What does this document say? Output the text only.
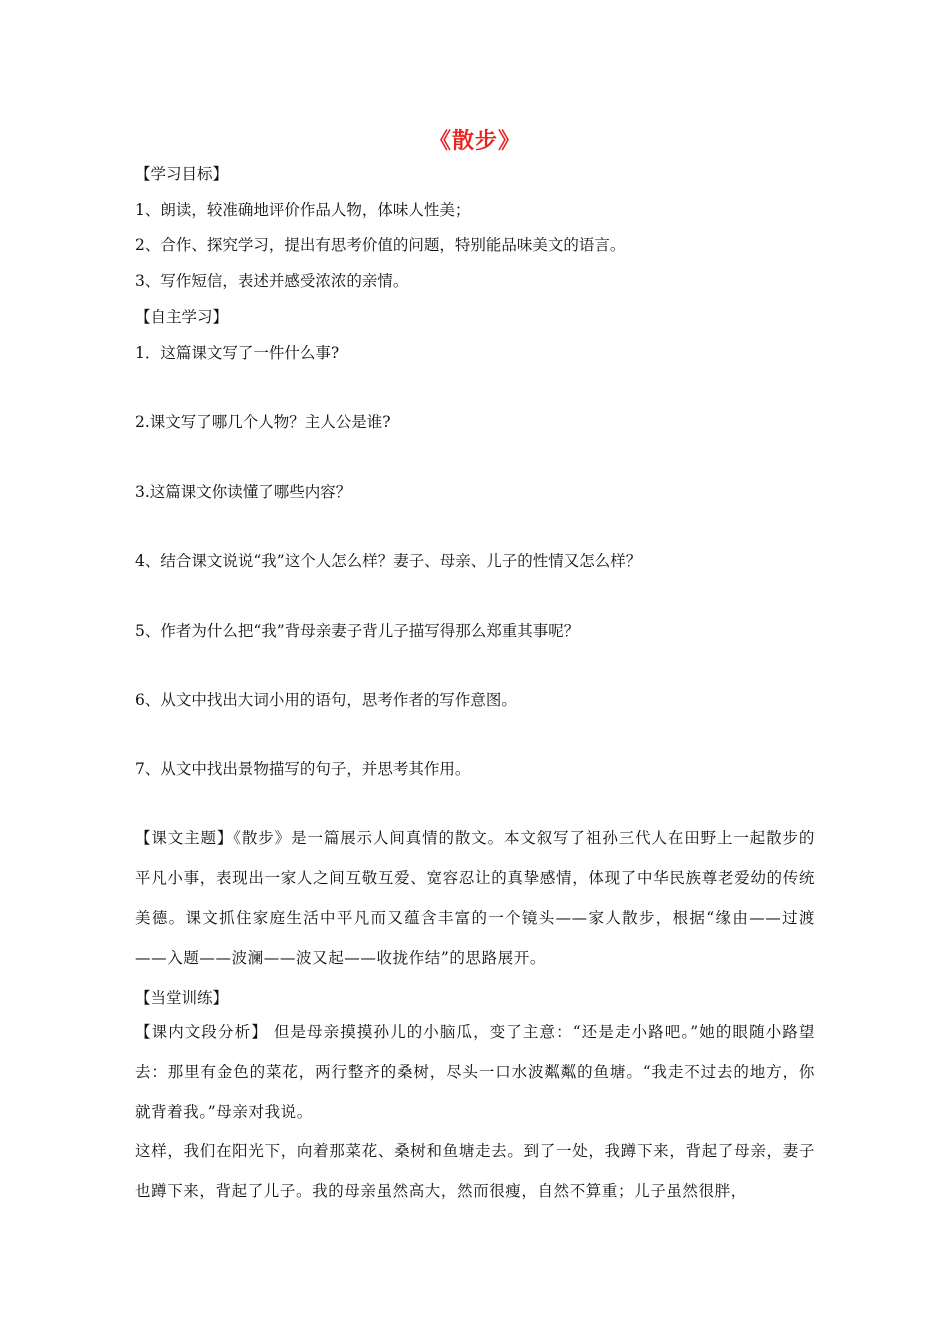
《散步》
【学习目标】
1、朗读，较准确地评价作品人物，体味人性美；
2、合作、探究学习，提出有思考价值的问题，特别能品味美文的语言。
3、写作短信，表述并感受浓浓的亲情。
【自主学习】
1．这篇课文写了一件什么事?
2.课文写了哪几个人物？主人公是谁?
3.这篇课文你读懂了哪些内容？
4、结合课文说说“我”这个人怎么样？妻子、母亲、儿子的性情又怎么样？
5、作者为什么把“我”背母亲妻子背儿子描写得那么郑重其事呢？
6、从文中找出大词小用的语句，思考作者的写作意图。
7、从文中找出景物描写的句子，并思考其作用。
【课文主题】《散步》是一篇展示人间真情的散文。本文叙写了祖孙三代人在田野上一起散步的平凡小事，表现出一家人之间互敬互爱、宽容忍让的真挚感情，体现了中华民族尊老爱幼的传统美德。课文抓住家庭生活中平凡而又蕴含丰富的一个镜头——家人散步，根据“缘由——过渡——入题——波澜——波又起——收拢作结”的思路展开。
【当堂训练】
【课内文段分析】 但是母亲摸摸孙儿的小脑瓜，变了主意：“还是走小路吧。”她的眼随小路望去：那里有金色的菜花，两行整齐的桑树，尽头一口水波粼粼的鱼塘。“我走不过去的地方，你就背着我。”母亲对我说。
这样，我们在阳光下，向着那菜花、桑树和鱼塘走去。到了一处，我蹲下来，背起了母亲，妻子也蹲下来，背起了儿子。我的母亲虽然高大，然而很瘦，自然不算重；儿子虽然很胖，
